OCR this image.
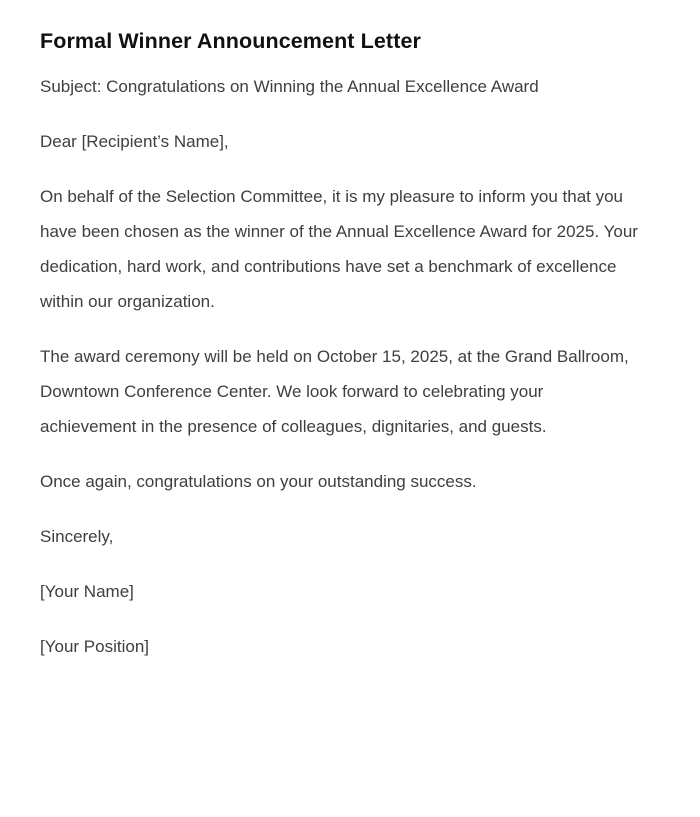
Formal Winner Announcement Letter

Subject: Congratulations on Winning the Annual Excellence Award

Dear [Recipient’s Name],

On behalf of the Selection Committee, it is my pleasure to inform you that you have been chosen as the winner of the Annual Excellence Award for 2025. Your dedication, hard work, and contributions have set a benchmark of excellence within our organization.

The award ceremony will be held on October 15, 2025, at the Grand Ballroom, Downtown Conference Center. We look forward to celebrating your achievement in the presence of colleagues, dignitaries, and guests.

Once again, congratulations on your outstanding success.

Sincerely,

[Your Name]

[Your Position]
